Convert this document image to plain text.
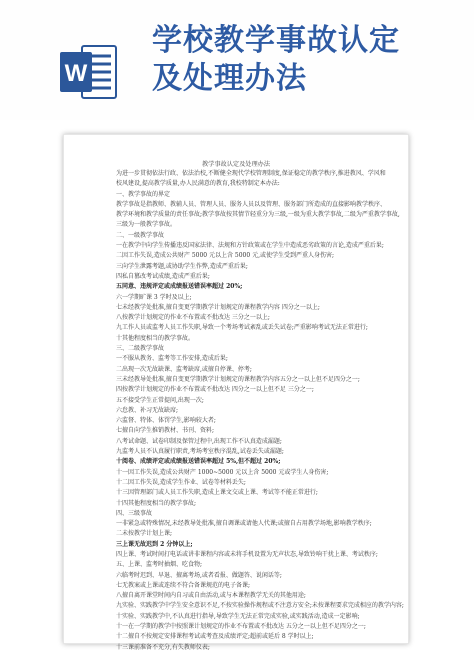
W
学校教学事故认定
及处理办法
教学事故认定及处理办法
为进一步贯彻依法行政、依法治校,不断健全现代学校管理制度,保证稳定的教学秩序,推进教风、学风和
校风建设,提高教学质量,办人民满意的教育,我校特制定本办法:
一、教学事故的界定
教学事故是指教师、教辅人员、管理人员、服务人员以及管理、服务部门所造成的直接影响教学秩序、
教学环境和教学质量的责任事故;教学事故按其情节轻重分为三级,一级为重大教学事故,二级为严重教学事故,
三级为一般教学事故。
二、一级教学事故
一在教学中向学生传播违反国家法律、法规和方针政策或在学生中造成恶劣政策的言论,造成严重后果;
二因工作失误,造成公共财产 5000 元以上含 5000 元,或使学生受到严重人身伤害;
三向学生泄露考题,或协助学生作弊,造成严重后果;
四私自篡改考试成绩,造成严重后果;
五同意、违规评定或成绩报送错误率超过 20%;
六一学期旷课 3 学时及以上;
七未经教学处批准,擅自变更学期教学计划规定的课程教学内容 四分之一以上;
八按教学计划规定的作业不布置或不批改达 三分之一以上;
九工作人员或监考人员工作失职,导致一个考场考试紊乱或丢失试卷;严重影响考试无法正常进行;
十其他程度相当的教学事故。
三、二级教学事故
一不服从教务、监考等工作安排,造成后果;
二出现一次无故缺课、监考缺席,或擅自停课、停考;
三未经教导处批准,擅自变更学期教学计划规定的课程教学内容五分之一以上但不足四分之一;
四按教学计划规定的作业不布置或不批改达 四分之一以上但不足 三分之一;
五不接受学生正常提问,出现一次;
六怠教、补习无故缺席;
六监督、特体、体罚学生,影响较大者;
七擅自向学生推销教材、书刊、资料;
八考试命题、试卷印制及保管过程中,出现工作不认真造成漏题;
九监考人员不认真履行职责,考场考室秩序混乱,试卷丢失或漏题;
十阅卷、成绩评定或成绩报送错误率超过 5%,但不超过 20%;
十一因工作失误,造成公共财产 1000~5000 元以上含 5000 元或学生人身伤害;
十二因工作失误,造成学生作业、试卷等材料丢失;
十三因管理部门或人员工作失职,造成上课文交或上课、考试等不能正常进行;
十四其他程度相当的教学事故;
四、三级事故
一非紧急或特殊情况,未经教导处批准,擅自调课或请他人代课;或擅自占用教学场地,影响教学秩序;
二未按教学计划上课;
三上课无故迟到 2 分钟以上;
四上课、考试时间打电话或讲非课程内容或未将手机设置为无声状态,导致铃响干扰上课、考试秩序;
五、上课、监考时抽烟、吃食物;
六临考时迟到、早退、擅离考场,或者看报、做题答、说闲话等;
七无教案或上课或连续不符合备课规范的电子备课;
八擅自离开课堂时间内自习或自由活动,或与本课程教学无关的其他用途;
九实验、实践教学中学生安全意识不足,不按实验操作规程或不注意方安全;未按课程要求完成相应的教学内容;
十实验、实践教学中,不认真进行指导,导致学生无法正常完成实验,或实践活动,造成一定影响;
十一在一学期的教学中按照课计划规定的作业不布置或不批改达 五分之一以上但不足四分之一;
十二擅自不按规定安排课程考试或考查及成绩评定;超前或延后 8 学时以上;
十三课前准备不充分,有失教师仪表;
